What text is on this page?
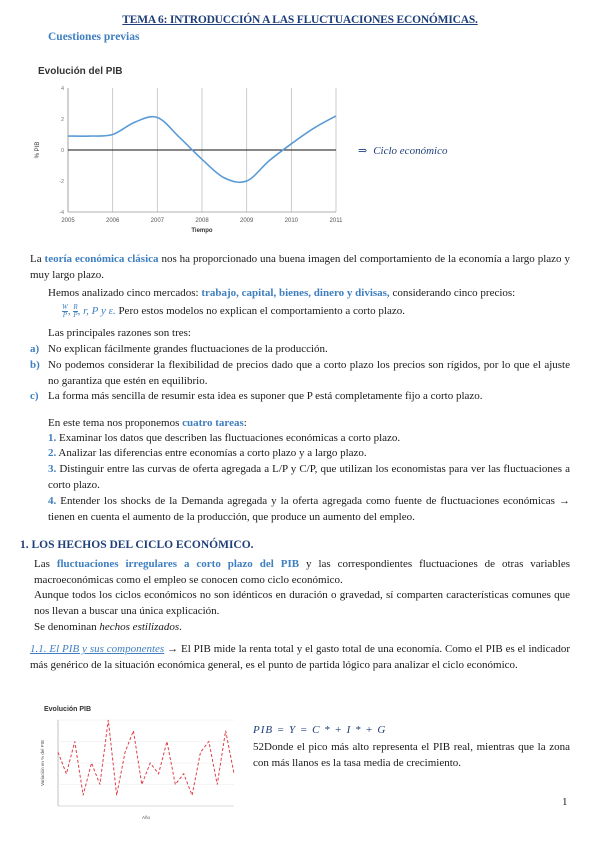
TEMA 6: INTRODUCCIÓN A LAS FLUCTUACIONES ECONÓMICAS.
Cuestiones previas
Evolución del PIB
2005	2006	2007	2008	2009	2010	2011
4
2
0
-2
-4
% PIB
Tiempo
⇒ Ciclo económico
La teoría económica clásica nos ha proporcionado una buena imagen del comportamiento de la economía a largo plazo y muy largo plazo.
Hemos analizado cinco mercados: trabajo, capital, bienes, dinero y divisas, considerando cinco precios:
$\frac{W}{P}$ , $\frac{R}{P}$ , r, P y ε. Pero estos modelos no explican el comportamiento a corto plazo.
Las principales razones son tres:
a) No explican fácilmente grandes fluctuaciones de la producción.
b) No podemos considerar la flexibilidad de precios dado que a corto plazo los precios son rígidos, por lo que el ajuste no garantiza que estén en equilibrio.
c) La forma más sencilla de resumir esta idea es suponer que P está completamente fijo a corto plazo.
En este tema nos proponemos cuatro tareas:
1. Examinar los datos que describen las fluctuaciones económicas a corto plazo.
2. Analizar las diferencias entre economías a corto plazo y a largo plazo.
3. Distinguir entre las curvas de oferta agregada a L/P y C/P, que utilizan los economistas para ver las fluctuaciones a corto plazo.
4. Entender los shocks de la Demanda agregada y la oferta agregada como fuente de fluctuaciones económicas → tienen en cuenta el aumento de la producción, que produce un aumento del empleo.
1. LOS HECHOS DEL CICLO ECONÓMICO.
Las fluctuaciones irregulares a corto plazo del PIB y las correspondientes fluctuaciones de otras variables macroeconómicas como el empleo se conocen como ciclo económico.
Aunque todos los ciclos económicos no son idénticos en duración o gravedad, sí comparten características comunes que nos llevan a buscar una única explicación.
Se denominan hechos estilizados.
1.1. El PIB y sus componentes → El PIB mide la renta total y el gasto total de una economía. Como el PIB es el indicador más genérico de la situación económica general, es el punto de partida lógico para analizar el ciclo económico.
Evolución PIB
Variación en % del PIB
Año
PIB = Y = C * + I * + G
52Donde el pico más alto representa el PIB real, mientras que la zona con más llanos es la tasa media de crecimiento.
1
